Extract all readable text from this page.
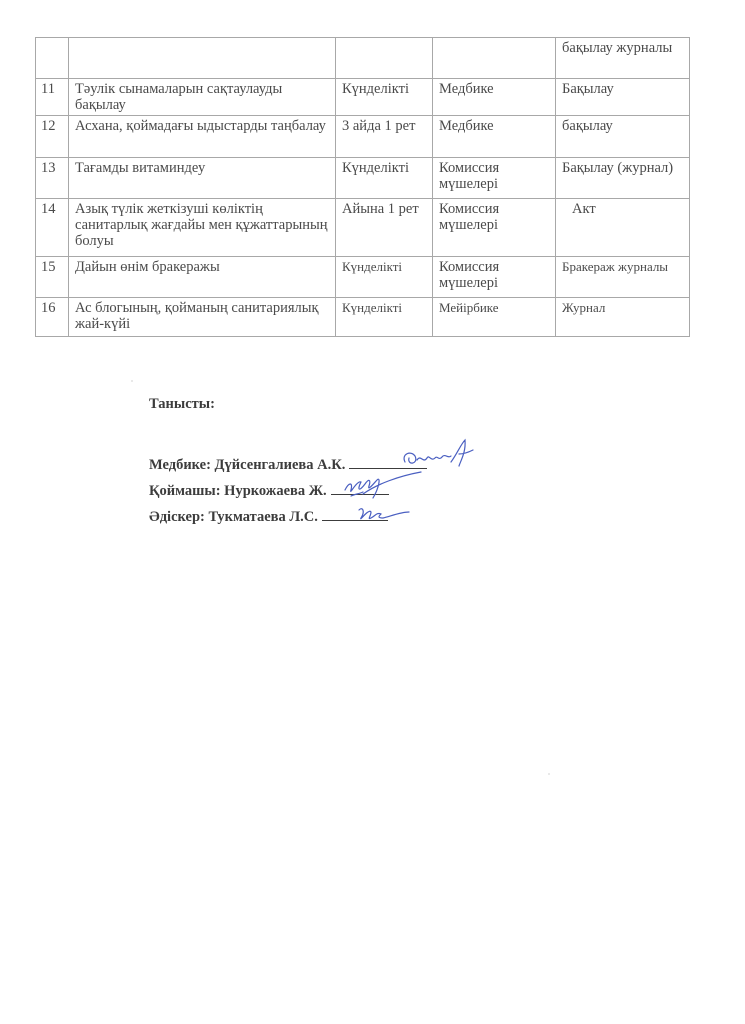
				бақылау журналы
11	Тәулік сынамаларын сақтаулауды бақылау	Күнделікті	Медбике	Бақылау
12	Асхана, қоймадағы ыдыстарды таңбалау	3 айда 1 рет	Медбике	бақылау
13	Тағамды витаминдеу	Күнделікті	Комиссия мүшелері	Бақылау (журнал)
14	Азық түлік жеткізуші көліктің санитарлық жағдайы мен құжаттарының болуы	Айына 1 рет	Комиссия мүшелері	Акт
15	Дайын өнім бракеражы	Күнделікті	Комиссия мүшелері	Бракераж журналы
16	Ас блогының, қойманың санитариялық жай-күйі	Күнделікті	Мейірбике	Журнал
Танысты:
Медбике: Дүйсенгалиева А.К.
Қоймашы: Нуркожаева Ж.
Әдіскер: Тукматаева Л.С.
